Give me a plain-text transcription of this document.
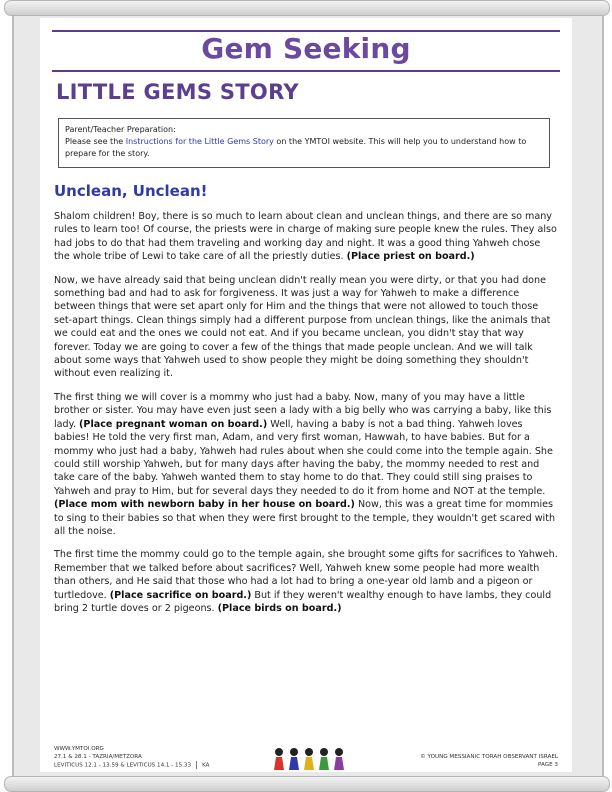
Gem Seeking
LITTLE GEMS STORY
Parent/Teacher Preparation:
Please see the Instructions for the Little Gems Story on the YMTOI website. This will help you to understand how to prepare for the story.
Unclean, Unclean!

Shalom children! Boy, there is so much to learn about clean and unclean things, and there are so many rules to learn too! Of course, the priests were in charge of making sure people knew the rules. They also had jobs to do that had them traveling and working day and night. It was a good thing Yahweh chose the whole tribe of Lewi to take care of all the priestly duties. (Place priest on board.)

Now, we have already said that being unclean didn't really mean you were dirty, or that you had done something bad and had to ask for forgiveness. It was just a way for Yahweh to make a difference between things that were set apart only for Him and the things that were not allowed to touch those set-apart things. Clean things simply had a different purpose from unclean things, like the animals that we could eat and the ones we could not eat. And if you became unclean, you didn't stay that way forever. Today we are going to cover a few of the things that made people unclean. And we will talk about some ways that Yahweh used to show people they might be doing something they shouldn't without even realizing it.

The first thing we will cover is a mommy who just had a baby. Now, many of you may have a little brother or sister. You may have even just seen a lady with a big belly who was carrying a baby, like this lady. (Place pregnant woman on board.) Well, having a baby is not a bad thing. Yahweh loves babies! He told the very first man, Adam, and very first woman, Hawwah, to have babies. But for a mommy who just had a baby, Yahweh had rules about when she could come into the temple again. She could still worship Yahweh, but for many days after having the baby, the mommy needed to rest and take care of the baby. Yahweh wanted them to stay home to do that. They could still sing praises to Yahweh and pray to Him, but for several days they needed to do it from home and NOT at the temple. (Place mom with newborn baby in her house on board.) Now, this was a great time for mommies to sing to their babies so that when they were first brought to the temple, they wouldn't get scared with all the noise.

The first time the mommy could go to the temple again, she brought some gifts for sacrifices to Yahweh. Remember that we talked before about sacrifices? Well, Yahweh knew some people had more wealth than others, and He said that those who had a lot had to bring a one-year old lamb and a pigeon or turtledove. (Place sacrifice on board.) But if they weren't wealthy enough to have lambs, they could bring 2 turtle doves or 2 pigeons. (Place birds on board.)

WWW.YMTOI.ORG
27.1 & 28.1 - TAZRIA/METZORA
LEVITICUS 12.1 - 13.59 & LEVITICUS 14.1 - 15.33 KA
© YOUNG MESSIANIC TORAH OBSERVANT ISRAEL
PAGE 3
